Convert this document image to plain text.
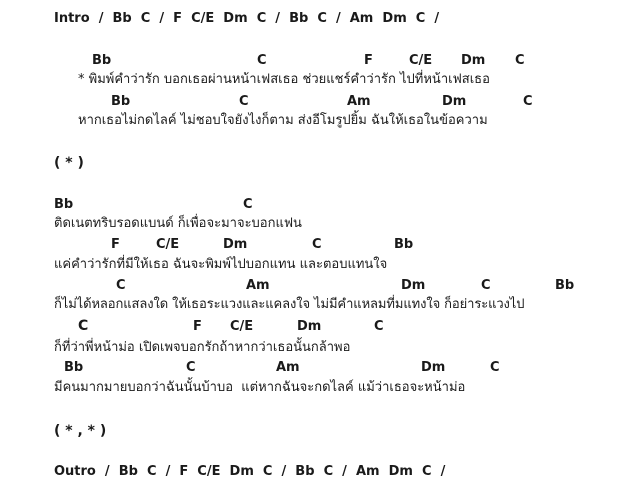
Intro  /  Bb  C  /  F  C/E  Dm  C  /  Bb  C  /  Am  Dm  C  /
Bb	C	F	C/E Dm C
* พิมพ์คำว่ารัก บอกเธอผ่านหน้าเฟสเธอ ช่วยแชร์คำว่ารัก ไปที่หน้าเฟสเธอ
Bb	C	Am	Dm	C
หากเธอไม่กดไลค์ ไม่ชอบใจยังไงก็ตาม ส่งอีโมรูปยิ้ม ฉันให้เธอในข้อความ
( * )
Bb	C
ติดเนตทริบรอดแบนด์ ก็เพื่อจะมาจะบอกแฟน
F	C/E	Dm	C	Bb
แค่คำว่ารักที่มีให้เธอ ฉันจะพิมพ์ไปบอกแทน และตอบแทนใจ
C	Am	Dm	C	Bb
ก็ไม่ได้หลอกแสลงใด ให้เธอระแวงและแคลงใจ ไม่มีคำแหลมที่มแทงใจ ก็อย่าระแวงไป
C	F C/E	Dm	C
ก็ที่ว่าพี่หน้าม่อ เปิดเพจบอกรักถ้าหากว่าเธอนั้นกล้าพอ
Bb	C	Am	Dm	C
มีคนมากมายบอกว่าฉันนั้นบ้าบอ  แต่หากฉันจะกดไลค์ แม้ว่าเธอจะหน้าม่อ
( * , * )
Outro  /  Bb  C  /  F  C/E  Dm  C  /  Bb  C  /  Am  Dm  C  /
